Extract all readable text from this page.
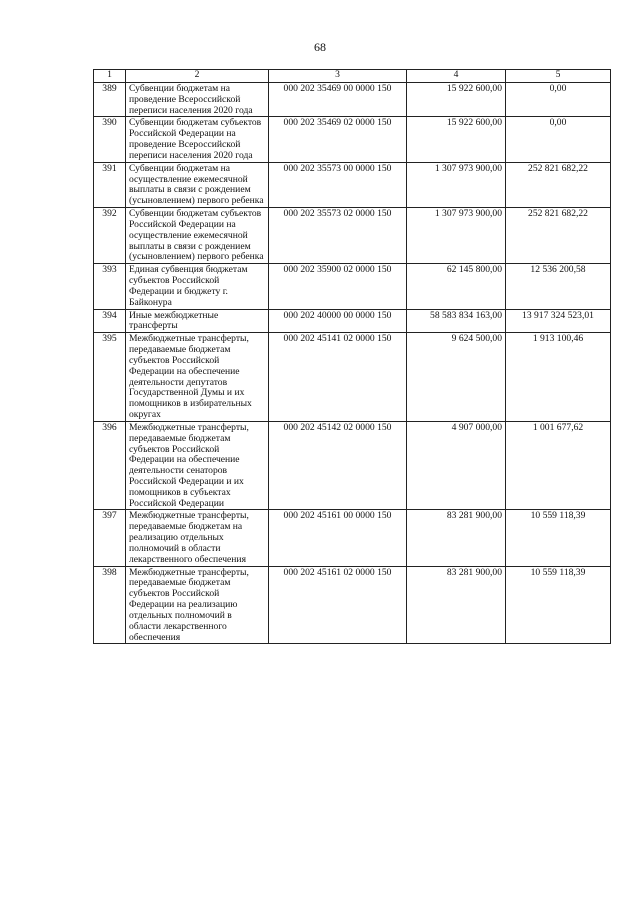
68
1	2	3	4	5
389	Субвенции бюджетам на проведение Всероссийской переписи населения 2020 года	000 202 35469 00 0000 150	15 922 600,00	0,00
390	Субвенции бюджетам субъектов Российской Федерации на проведение Всероссийской переписи населения 2020 года	000 202 35469 02 0000 150	15 922 600,00	0,00
391	Субвенции бюджетам на осуществление ежемесячной выплаты в связи с рождением (усыновлением) первого ребенка	000 202 35573 00 0000 150	1 307 973 900,00	252 821 682,22
392	Субвенции бюджетам субъектов Российской Федерации на осуществление ежемесячной выплаты в связи с рождением (усыновлением) первого ребенка	000 202 35573 02 0000 150	1 307 973 900,00	252 821 682,22
393	Единая субвенция бюджетам субъектов Российской Федерации и бюджету г. Байконура	000 202 35900 02 0000 150	62 145 800,00	12 536 200,58
394	Иные межбюджетные трансферты	000 202 40000 00 0000 150	58 583 834 163,00	13 917 324 523,01
395	Межбюджетные трансферты, передаваемые бюджетам субъектов Российской Федерации на обеспечение деятельности депутатов Государственной Думы и их помощников в избирательных округах	000 202 45141 02 0000 150	9 624 500,00	1 913 100,46
396	Межбюджетные трансферты, передаваемые бюджетам субъектов Российской Федерации на обеспечение деятельности сенаторов Российской Федерации и их помощников в субъектах Российской Федерации	000 202 45142 02 0000 150	4 907 000,00	1 001 677,62
397	Межбюджетные трансферты, передаваемые бюджетам на реализацию отдельных полномочий в области лекарственного обеспечения	000 202 45161 00 0000 150	83 281 900,00	10 559 118,39
398	Межбюджетные трансферты, передаваемые бюджетам субъектов Российской Федерации на реализацию отдельных полномочий в области лекарственного обеспечения	000 202 45161 02 0000 150	83 281 900,00	10 559 118,39
